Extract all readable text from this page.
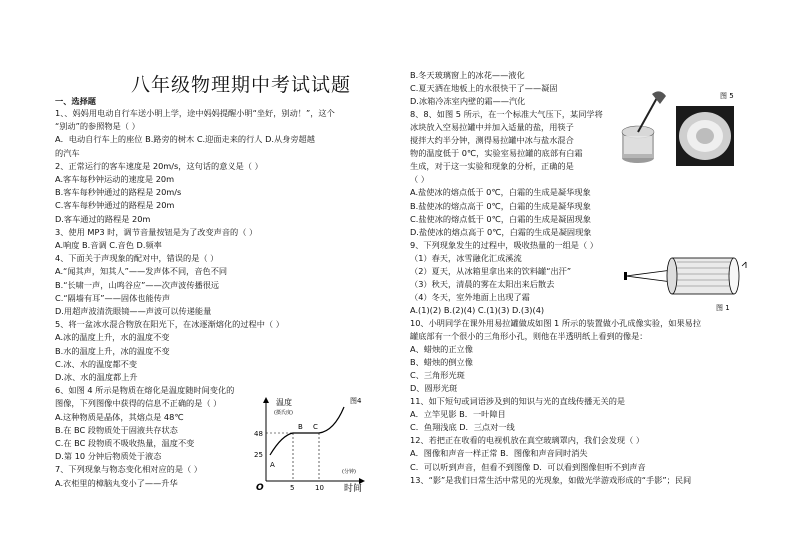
八年级物理期中考试试题
一、选择题
1、、妈妈用电动自行车送小明上学，途中妈妈提醒小明“坐好，别动！”，这个
“别动”的参照物是（ ）
A．电动自行车上的座位 B.路旁的树木 C.迎面走来的行人 D.从身旁超越
的汽车
2、正常运行的客车速度是 20m/s，这句话的意义是（ ）
A.客车每秒钟运动的速度是 20m
B.客车每秒钟通过的路程是 20m/s
C.客车每秒钟通过的路程是 20m
D.客车通过的路程是 20m
3、使用 MP3 时，调节音量按钮是为了改变声音的（ ）
A.响度 B.音调 C.音色 D.频率
4、下面关于声现象的配对中，错误的是（ ）
A.“闻其声，知其人”——发声体不同，音色不同
B.“长啸一声，山鸣谷应”——次声波传播很远
C.“隔墙有耳”——固体也能传声
D.用超声波清洗眼镜——声波可以传递能量
5、将一盆冰水混合物放在阳光下，在冰逐渐熔化的过程中（ ）
A.冰的温度上升，水的温度不变
B.水的温度上升，冰的温度不变
C.冰、水的温度都不变
D.冰、水的温度都上升
6、如图 4 所示是物质在熔化是温度随时间变化的
图像，下列图像中获得的信息不正确的是（ ）
A.这种物质是晶体，其熔点是 48℃
B.在 BC 段物质处于固液共存状态
C.在 BC 段物质不吸收热量，温度不变
D.第 10 分钟后物质处于液态
7、下列现象与物态变化相对应的是（ ）
A.衣柜里的樟脑丸变小了——升华
B.冬天玻璃窗上的冰花——液化
C.夏天洒在地板上的水很快干了——凝固
D.冰箱冷冻室内壁的霜——汽化
8、8、如图 5 所示，在一个标准大气压下，某同学将
冰块放入空易拉罐中并加入适量的盐，用筷子
搅拌大约半分钟，测得易拉罐中冰与盐水混合
物的温度低于 0℃，实验室易拉罐的底部有白霜
生成，对于这一实验和现象的分析，正确的是
（ ）
A.盐使冰的熔点低于 0℃，白霜的生成是凝华现象
B.盐使冰的熔点高于 0℃，白霜的生成是凝华现象
C.盐使冰的熔点低于 0℃，白霜的生成是凝固现象
D.盐使冰的熔点高于 0℃，白霜的生成是凝固现象
9、下列现象发生的过程中，吸收热量的一组是（ ）
（1）春天，冰雪融化汇成溪流
（2）夏天，从冰箱里拿出来的饮料罐“出汗”
（3）秋天，清晨的雾在太阳出来后散去
（4）冬天，室外地面上出现了霜
A.(1)(2) B.(2)(4) C.(1)(3) D.(3)(4)
10、小明同学在课外用易拉罐做成如图 1 所示的装置做小孔成像实验，如果易拉
罐底部有一个很小的三角形小孔，则他在半透明纸上看到的像是：
A、蜡烛的正立像
B、蜡烛的倒立像
C、三角形光斑
D、圆形光斑
11、如下短句或词语涉及到的知识与光的直线传播无关的是
A．立竿见影 B．一叶障目
C．鱼翔浅底 D．三点对一线
12、若把正在收看的电视机放在真空玻璃罩内，我们会发现（ ）
A．图像和声音一样正常 B．图像和声音同时消失
C．可以听到声音，但看不到图像 D．可以看到图像但听不到声音
13、“影”是我们日常生活中常见的光现象，如做光学游戏形成的“手影”；民间
温度
(摄氏度)
图4
48
25
A
B C
(分钟)
O	5	10 时间
图 5
图 1
